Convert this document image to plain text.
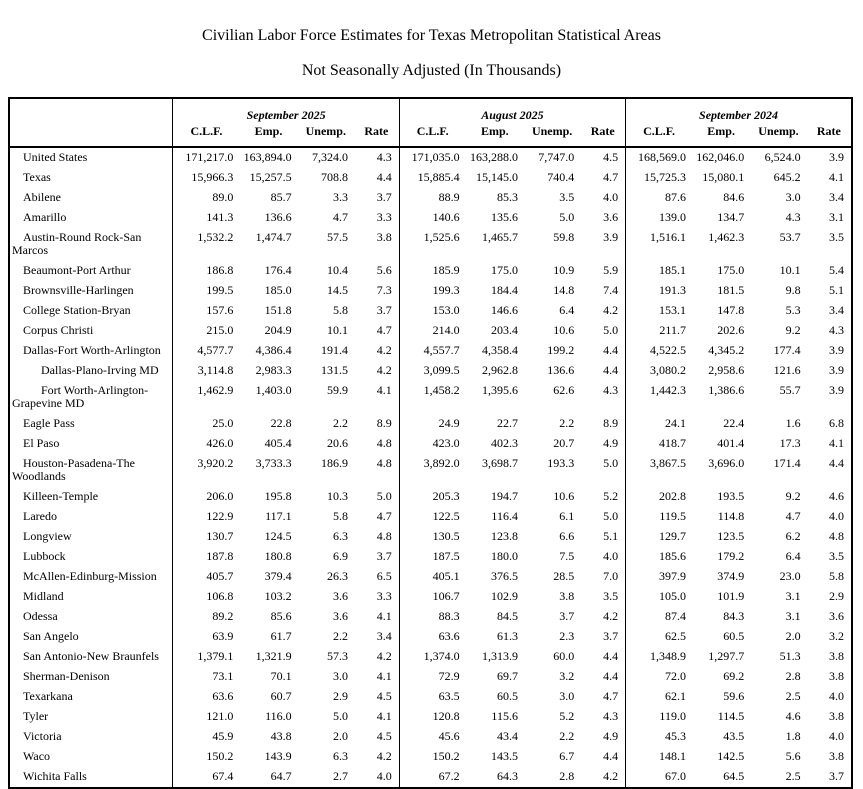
Civilian Labor Force Estimates for Texas Metropolitan Statistical Areas
Not Seasonally Adjusted (In Thousands)
	September 2025				August 2025				September 2024			
	C.L.F.	Emp.	Unemp.	Rate	C.L.F.	Emp.	Unemp.	Rate	C.L.F.	Emp.	Unemp.	Rate
United States	171,217.0	163,894.0	7,324.0	4.3	171,035.0	163,288.0	7,747.0	4.5	168,569.0	162,046.0	6,524.0	3.9
Texas	15,966.3	15,257.5	708.8	4.4	15,885.4	15,145.0	740.4	4.7	15,725.3	15,080.1	645.2	4.1
Abilene	89.0	85.7	3.3	3.7	88.9	85.3	3.5	4.0	87.6	84.6	3.0	3.4
Amarillo	141.3	136.6	4.7	3.3	140.6	135.6	5.0	3.6	139.0	134.7	4.3	3.1
Austin-Round Rock-San Marcos	1,532.2	1,474.7	57.5	3.8	1,525.6	1,465.7	59.8	3.9	1,516.1	1,462.3	53.7	3.5
Beaumont-Port Arthur	186.8	176.4	10.4	5.6	185.9	175.0	10.9	5.9	185.1	175.0	10.1	5.4
Brownsville-Harlingen	199.5	185.0	14.5	7.3	199.3	184.4	14.8	7.4	191.3	181.5	9.8	5.1
College Station-Bryan	157.6	151.8	5.8	3.7	153.0	146.6	6.4	4.2	153.1	147.8	5.3	3.4
Corpus Christi	215.0	204.9	10.1	4.7	214.0	203.4	10.6	5.0	211.7	202.6	9.2	4.3
Dallas-Fort Worth-Arlington	4,577.7	4,386.4	191.4	4.2	4,557.7	4,358.4	199.2	4.4	4,522.5	4,345.2	177.4	3.9
Dallas-Plano-Irving MD	3,114.8	2,983.3	131.5	4.2	3,099.5	2,962.8	136.6	4.4	3,080.2	2,958.6	121.6	3.9
Fort Worth-Arlington-Grapevine MD	1,462.9	1,403.0	59.9	4.1	1,458.2	1,395.6	62.6	4.3	1,442.3	1,386.6	55.7	3.9
Eagle Pass	25.0	22.8	2.2	8.9	24.9	22.7	2.2	8.9	24.1	22.4	1.6	6.8
El Paso	426.0	405.4	20.6	4.8	423.0	402.3	20.7	4.9	418.7	401.4	17.3	4.1
Houston-Pasadena-The Woodlands	3,920.2	3,733.3	186.9	4.8	3,892.0	3,698.7	193.3	5.0	3,867.5	3,696.0	171.4	4.4
Killeen-Temple	206.0	195.8	10.3	5.0	205.3	194.7	10.6	5.2	202.8	193.5	9.2	4.6
Laredo	122.9	117.1	5.8	4.7	122.5	116.4	6.1	5.0	119.5	114.8	4.7	4.0
Longview	130.7	124.5	6.3	4.8	130.5	123.8	6.6	5.1	129.7	123.5	6.2	4.8
Lubbock	187.8	180.8	6.9	3.7	187.5	180.0	7.5	4.0	185.6	179.2	6.4	3.5
McAllen-Edinburg-Mission	405.7	379.4	26.3	6.5	405.1	376.5	28.5	7.0	397.9	374.9	23.0	5.8
Midland	106.8	103.2	3.6	3.3	106.7	102.9	3.8	3.5	105.0	101.9	3.1	2.9
Odessa	89.2	85.6	3.6	4.1	88.3	84.5	3.7	4.2	87.4	84.3	3.1	3.6
San Angelo	63.9	61.7	2.2	3.4	63.6	61.3	2.3	3.7	62.5	60.5	2.0	3.2
San Antonio-New Braunfels	1,379.1	1,321.9	57.3	4.2	1,374.0	1,313.9	60.0	4.4	1,348.9	1,297.7	51.3	3.8
Sherman-Denison	73.1	70.1	3.0	4.1	72.9	69.7	3.2	4.4	72.0	69.2	2.8	3.8
Texarkana	63.6	60.7	2.9	4.5	63.5	60.5	3.0	4.7	62.1	59.6	2.5	4.0
Tyler	121.0	116.0	5.0	4.1	120.8	115.6	5.2	4.3	119.0	114.5	4.6	3.8
Victoria	45.9	43.8	2.0	4.5	45.6	43.4	2.2	4.9	45.3	43.5	1.8	4.0
Waco	150.2	143.9	6.3	4.2	150.2	143.5	6.7	4.4	148.1	142.5	5.6	3.8
Wichita Falls	67.4	64.7	2.7	4.0	67.2	64.3	2.8	4.2	67.0	64.5	2.5	3.7
